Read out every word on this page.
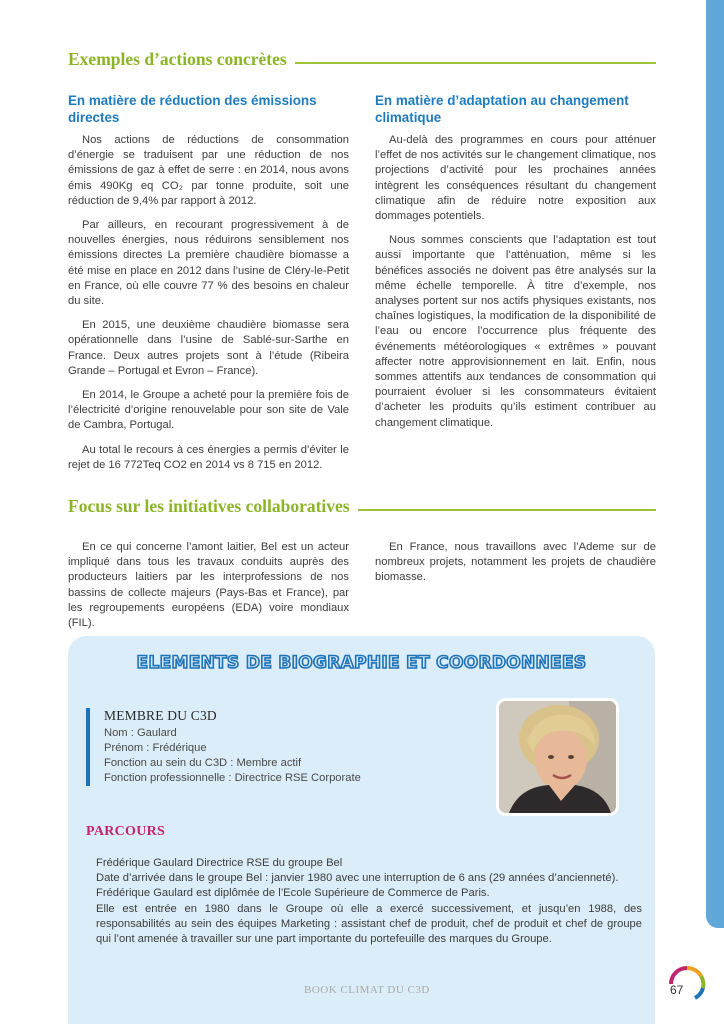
Exemples d’actions concrètes
En matière de réduction des émissions directes

Nos actions de réductions de consommation d’énergie se traduisent par une réduction de nos émissions de gaz à effet de serre : en 2014, nous avons émis 490Kg eq CO₂ par tonne produite, soit une réduction de 9,4% par rapport à 2012.

Par ailleurs, en recourant progressivement à de nouvelles énergies, nous réduirons sensiblement nos émissions directes La première chaudière biomasse a été mise en place en 2012 dans l’usine de Cléry-le-Petit en France, où elle couvre 77 % des besoins en chaleur du site.

En 2015, une deuxième chaudière biomasse sera opérationnelle dans l’usine de Sablé-sur-Sarthe en France. Deux autres projets sont à l’étude (Ribeira Grande – Portugal et Evron – France).

En 2014, le Groupe a acheté pour la première fois de l’électricité d’origine renouvelable pour son site de Vale de Cambra, Portugal.

Au total le recours à ces énergies a permis d’éviter le rejet de 16 772Teq CO2 en 2014 vs 8 715 en 2012.

En matière d’adaptation au changement climatique

Au-delà des programmes en cours pour atténuer l’effet de nos activités sur le changement climatique, nos projections d’activité pour les prochaines années intègrent les conséquences résultant du changement climatique afin de réduire notre exposition aux dommages potentiels.

Nous sommes conscients que l’adaptation est tout aussi importante que l’atténuation, même si les bénéfices associés ne doivent pas être analysés sur la même échelle temporelle. À titre d’exemple, nos analyses portent sur nos actifs physiques existants, nos chaînes logistiques, la modification de la disponibilité de l’eau ou encore l’occurrence plus fréquente des événements météorologiques « extrêmes » pouvant affecter notre approvisionnement en lait. Enfin, nous sommes attentifs aux tendances de consommation qui pourraient évoluer si les consommateurs évitaient d’acheter les produits qu’ils estiment contribuer au changement climatique.

Focus sur les initiatives collaboratives

En ce qui concerne l’amont laitier, Bel est un acteur impliqué dans tous les travaux conduits auprès des producteurs laitiers par les interprofessions de nos bassins de collecte majeurs (Pays-Bas et France), par les regroupements européens (EDA) voire mondiaux (FIL).

En France, nous travaillons avec l’Ademe sur de nombreux projets, notamment les projets de chaudière biomasse.

ELEMENTS DE BIOGRAPHIE ET COORDONNEES
MEMBRE DU C3D
Nom : Gaulard
Prénom : Frédérique
Fonction au sein du C3D : Membre actif
Fonction professionnelle : Directrice RSE Corporate
PARCOURS

Frédérique Gaulard Directrice RSE du groupe Bel

Date d’arrivée dans le groupe Bel : janvier 1980 avec une interruption de 6 ans (29 années d’ancienneté).

Frédérique Gaulard est diplômée de l’Ecole Supérieure de Commerce de Paris.

Elle est entrée en 1980 dans le Groupe où elle a exercé successivement, et jusqu’en 1988, des responsabilités au sein des équipes Marketing : assistant chef de produit, chef de produit et chef de groupe qui l’ont amenée à travailler sur une part importante du portefeuille des marques du Groupe.

BOOK CLIMAT DU C3D	67
